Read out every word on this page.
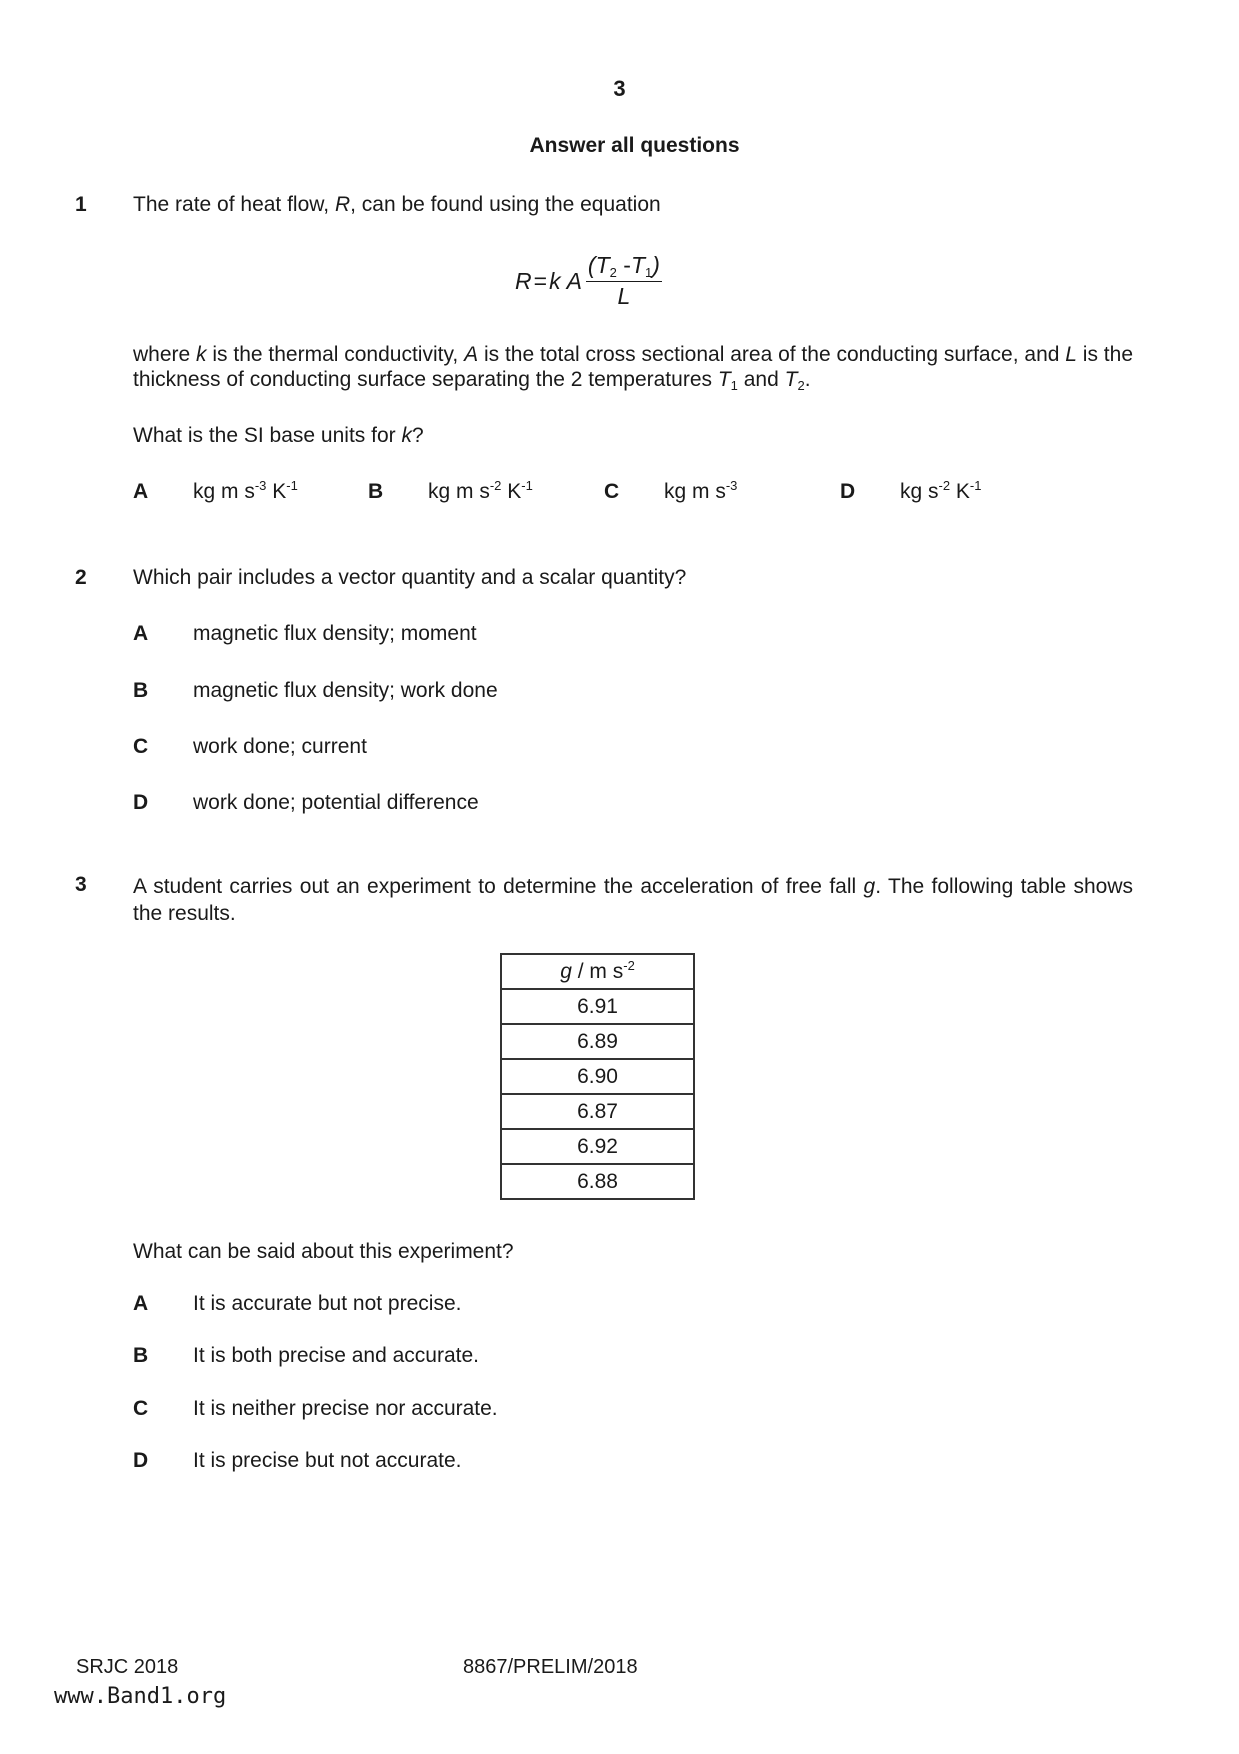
3
Answer all questions
1 The rate of heat flow, R, can be found using the equation
R = k A $\frac{(T_2 -T_1)}{L}$
where k is the thermal conductivity, A is the total cross sectional area of the conducting surface, and L is the thickness of conducting surface separating the 2 temperatures $T_1$ and $T_2$.
What is the SI base units for k?
A kg m $s^{-3}$ $K^{-1}$	B kg m $s^{-2}$ $K^{-1}$	C kg m $s^{-3}$	D kg $s^{-2}$ $K^{-1}$
2 Which pair includes a vector quantity and a scalar quantity?
A magnetic flux density; moment
B magnetic flux density; work done
C work done; current
D work done; potential difference
3 A student carries out an experiment to determine the acceleration of free fall g. The following table shows the results.
g / m $s^{-2}$
6.91
6.89
6.90
6.87
6.92
6.88
What can be said about this experiment?
A It is accurate but not precise.
B It is both precise and accurate.
C It is neither precise nor accurate.
D It is precise but not accurate.
SRJC 2018	8867/PRELIM/2018
www.Band1.org
